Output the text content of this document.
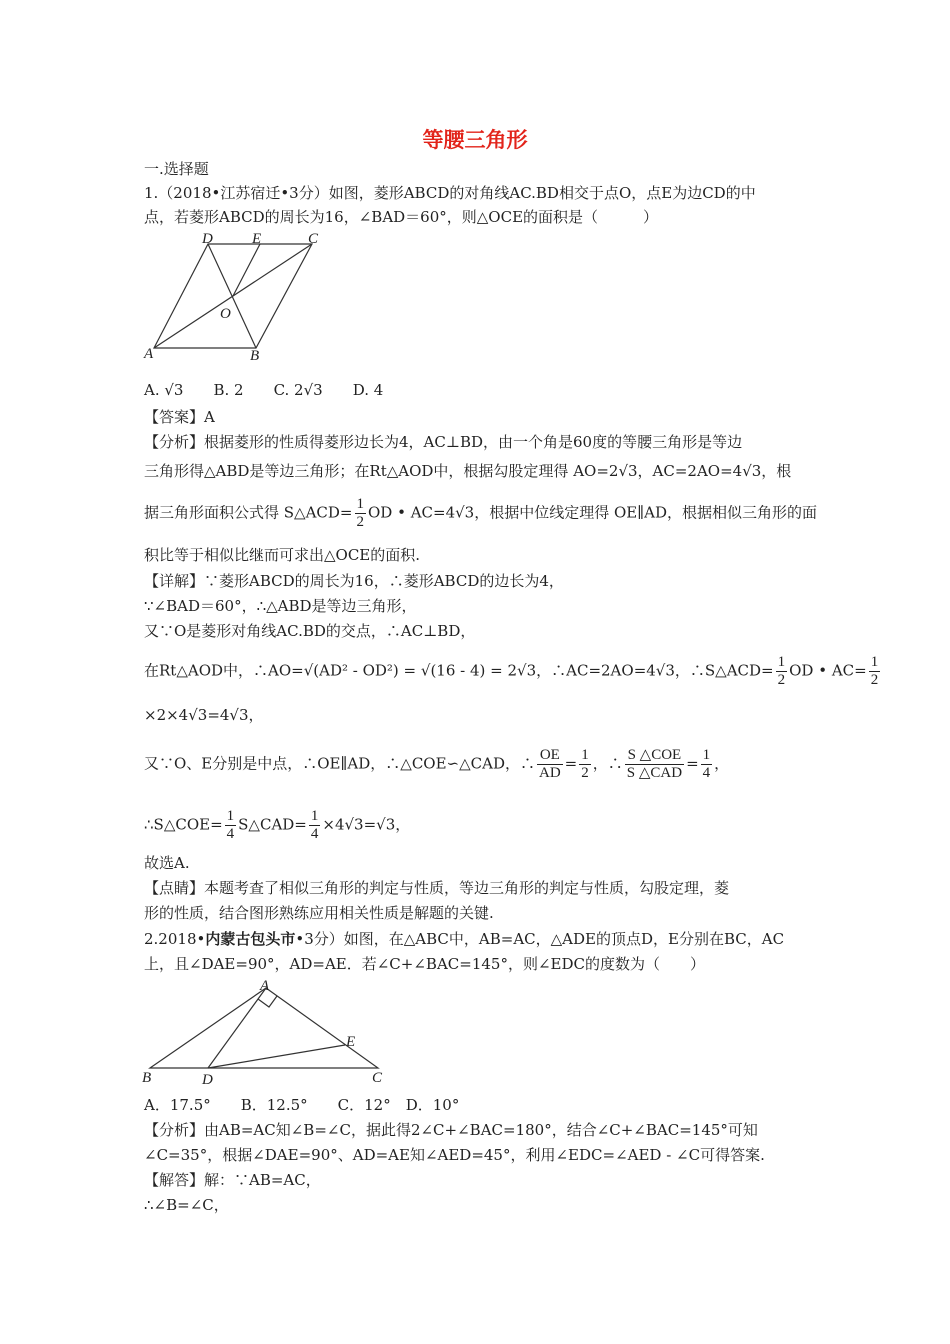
等腰三角形
一.选择题
1.（2018•江苏宿迁•3分）如图，菱形ABCD的对角线AC.BD相交于点O，点E为边CD的中
点，若菱形ABCD的周长为16，∠BAD＝60°，则△OCE的面积是（　　　）
D	E	C
O
A	B
A. √3　　B. 2　　C. 2√3　　D. 4
【答案】A
【分析】根据菱形的性质得菱形边长为4，AC⊥BD，由一个角是60度的等腰三角形是等边
三角形得△ABD是等边三角形；在Rt△AOD中，根据勾股定理得 AO=2√3，AC=2AO=4√3，根
据三角形面积公式得 S△ACD= $\frac{1}{2}$ OD • AC=4√3，根据中位线定理得 OE∥AD，根据相似三角形的面
积比等于相似比继而可求出△OCE的面积.
【详解】∵菱形ABCD的周长为16，∴菱形ABCD的边长为4，
∵∠BAD＝60°，∴△ABD是等边三角形，
又∵O是菱形对角线AC.BD的交点，∴AC⊥BD，
在Rt△AOD中，∴AO=√(AD² - OD²) = √(16 - 4) = 2√3，∴AC=2AO=4√3，∴S△ACD= $\frac{1}{2}$ OD • $AC= \frac{1}{2}$
×2×4√3=4√3，
又∵O、E分别是中点，∴OE∥AD，∴△COE∽△CAD，∴ $\frac{OE}{AD} = \frac{1}{2}$ ，∴ $\frac{\text{S △COE}}{\text{S △CAD}} = \frac{1}{4}$ ，
∴S△COE= $\frac{1}{4}$ S△CAD= $\frac{1}{4} \times 4√3=√3$，
故选A.
【点睛】本题考查了相似三角形的判定与性质，等边三角形的判定与性质，勾股定理，菱
形的性质，结合图形熟练应用相关性质是解题的关键.
2.2018•内蒙古包头市•3分）如图，在△ABC中，AB=AC，△ADE的顶点D，E分别在BC，AC
上，且∠DAE=90°，AD=AE．若∠C+∠BAC=145°，则∠EDC的度数为（　　）
A
E
B	D	C
A．17.5°　　B．12.5°　　C．12°　D．10°
【分析】由AB=AC知∠B=∠C，据此得2∠C+∠BAC=180°，结合∠C+∠BAC=145°可知
∠C=35°，根据∠DAE=90°、AD=AE知∠AED=45°，利用∠EDC=∠AED - ∠C可得答案.
【解答】解：∵AB=AC，
∴∠B=∠C，
